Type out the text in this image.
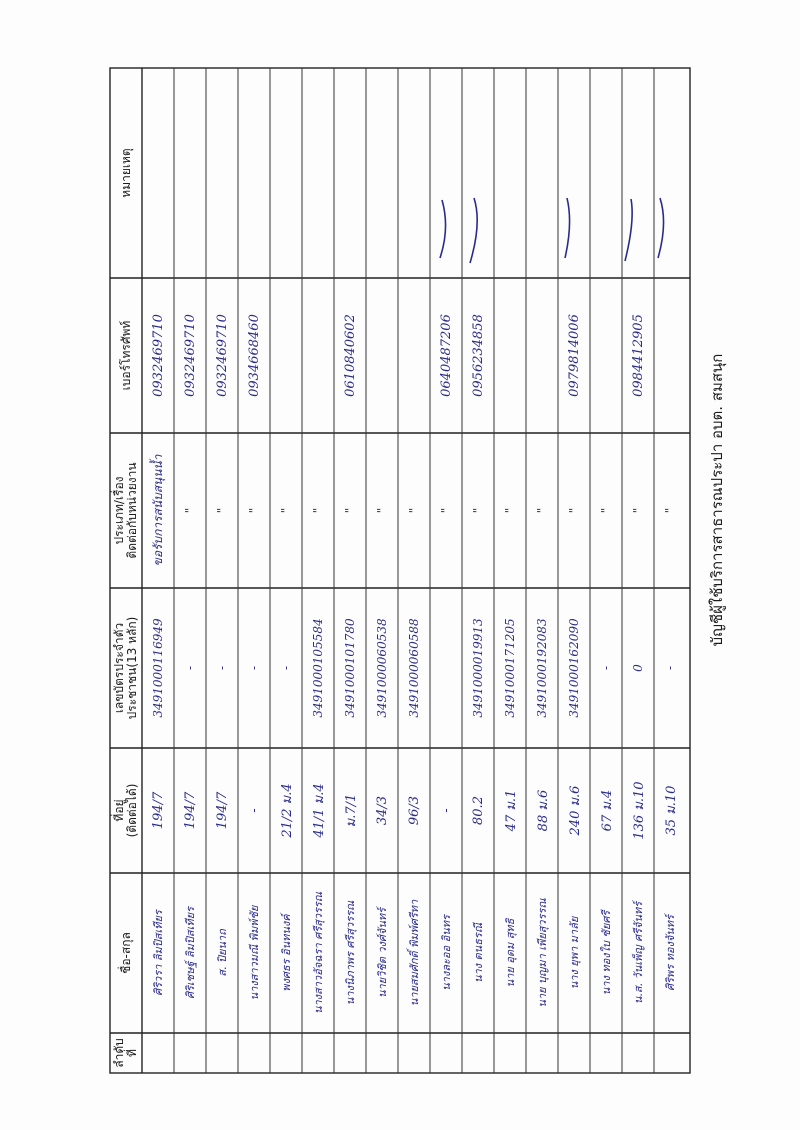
ลำดับ
ที่
ชื่อ-สกุล
ที่อยู่
(ติดต่อได้)
เลขบัตรประจำตัว
ประชาชน(13 หลัก)
ประเภท/เรื่อง
ติดต่อกับหน่วยงาน
เบอร์โทรศัพท์
หมายเหตุ
ศิริวรา ลิมปิสเทียร
194/7
3491000116949
ขอรับการสนับสนุนน้ำ
0932469710
ศิริเชษฐ์ ลิมปิสเทียร
194/7
-
"
0932469710
ส. ปิยนาถ
194/7
-
"
0932469710
นางสาวมณี พิมพ์ชัย
-
-
"
0934668460
พงศธร อินทนงค์
21/2 ม.4
-
"
นางสาวอัจฉรา ศรีสุวรรณ
41/1 ม.4
3491000105584
"
นางนิภาพร ศรีสุวรรณ
ม.7/1
3491000101780
"
0610840602
นายวิชิต วงศ์จันทร์
34/3
3491000060538
"
นายสมศักดิ์ พิมพ์ศรีทา
96/3
3491000060588
"
นางละออ อินทร
-
"
0640487206
นาง ตนธรณี
80.2
3491000019913
"
0956234858
นาย อุดม สุทธิ
47 ม.1
3491000171205
"
นาย บุญมา เพียสุวรรณ
88 ม.6
3491000192083
"
นาง ยุพา มาลัย
240 ม.6
3491000162090
"
0979814006
นาง ทองใบ ชัยศรี
67 ม.4
-
"
น.ส. วันเพ็ญ ศรีจันทร์
136 ม.10
0
"
0984412905
ศิริพร ทองจันทร์
35 ม.10
-
"	บัญชีผู้ใช้บริการสาธารณประปา อบต. สมสนุก
